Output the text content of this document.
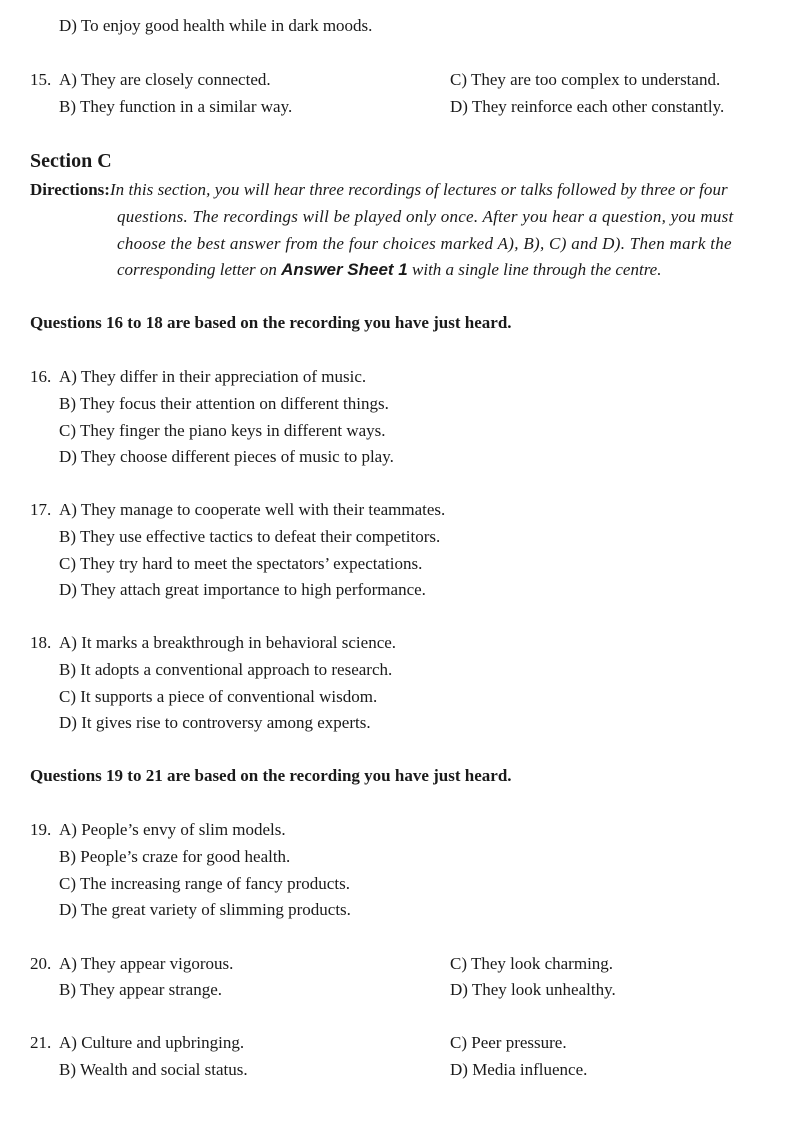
D) To enjoy good health while in dark moods.
15. A) They are closely connected.
B) They function in a similar way.
C) They are too complex to understand.
D) They reinforce each other constantly.
Section C
Directions:In this section, you will hear three recordings of lectures or talks followed by three or four
questions. The recordings will be played only once. After you hear a question, you must
choose the best answer from the four choices marked A), B), C) and D). Then mark the
corresponding letter on Answer Sheet 1 with a single line through the centre.
Questions 16 to 18 are based on the recording you have just heard.
16. A) They differ in their appreciation of music.
B) They focus their attention on different things.
C) They finger the piano keys in different ways.
D) They choose different pieces of music to play.
17. A) They manage to cooperate well with their teammates.
B) They use effective tactics to defeat their competitors.
C) They try hard to meet the spectators’ expectations.
D) They attach great importance to high performance.
18. A) It marks a breakthrough in behavioral science.
B) It adopts a conventional approach to research.
C) It supports a piece of conventional wisdom.
D) It gives rise to controversy among experts.
Questions 19 to 21 are based on the recording you have just heard.
19. A) People’s envy of slim models.
B) People’s craze for good health.
C) The increasing range of fancy products.
D) The great variety of slimming products.
20. A) They appear vigorous.
B) They appear strange.
C) They look charming.
D) They look unhealthy.
21. A) Culture and upbringing.
B) Wealth and social status.
C) Peer pressure.
D) Media influence.
